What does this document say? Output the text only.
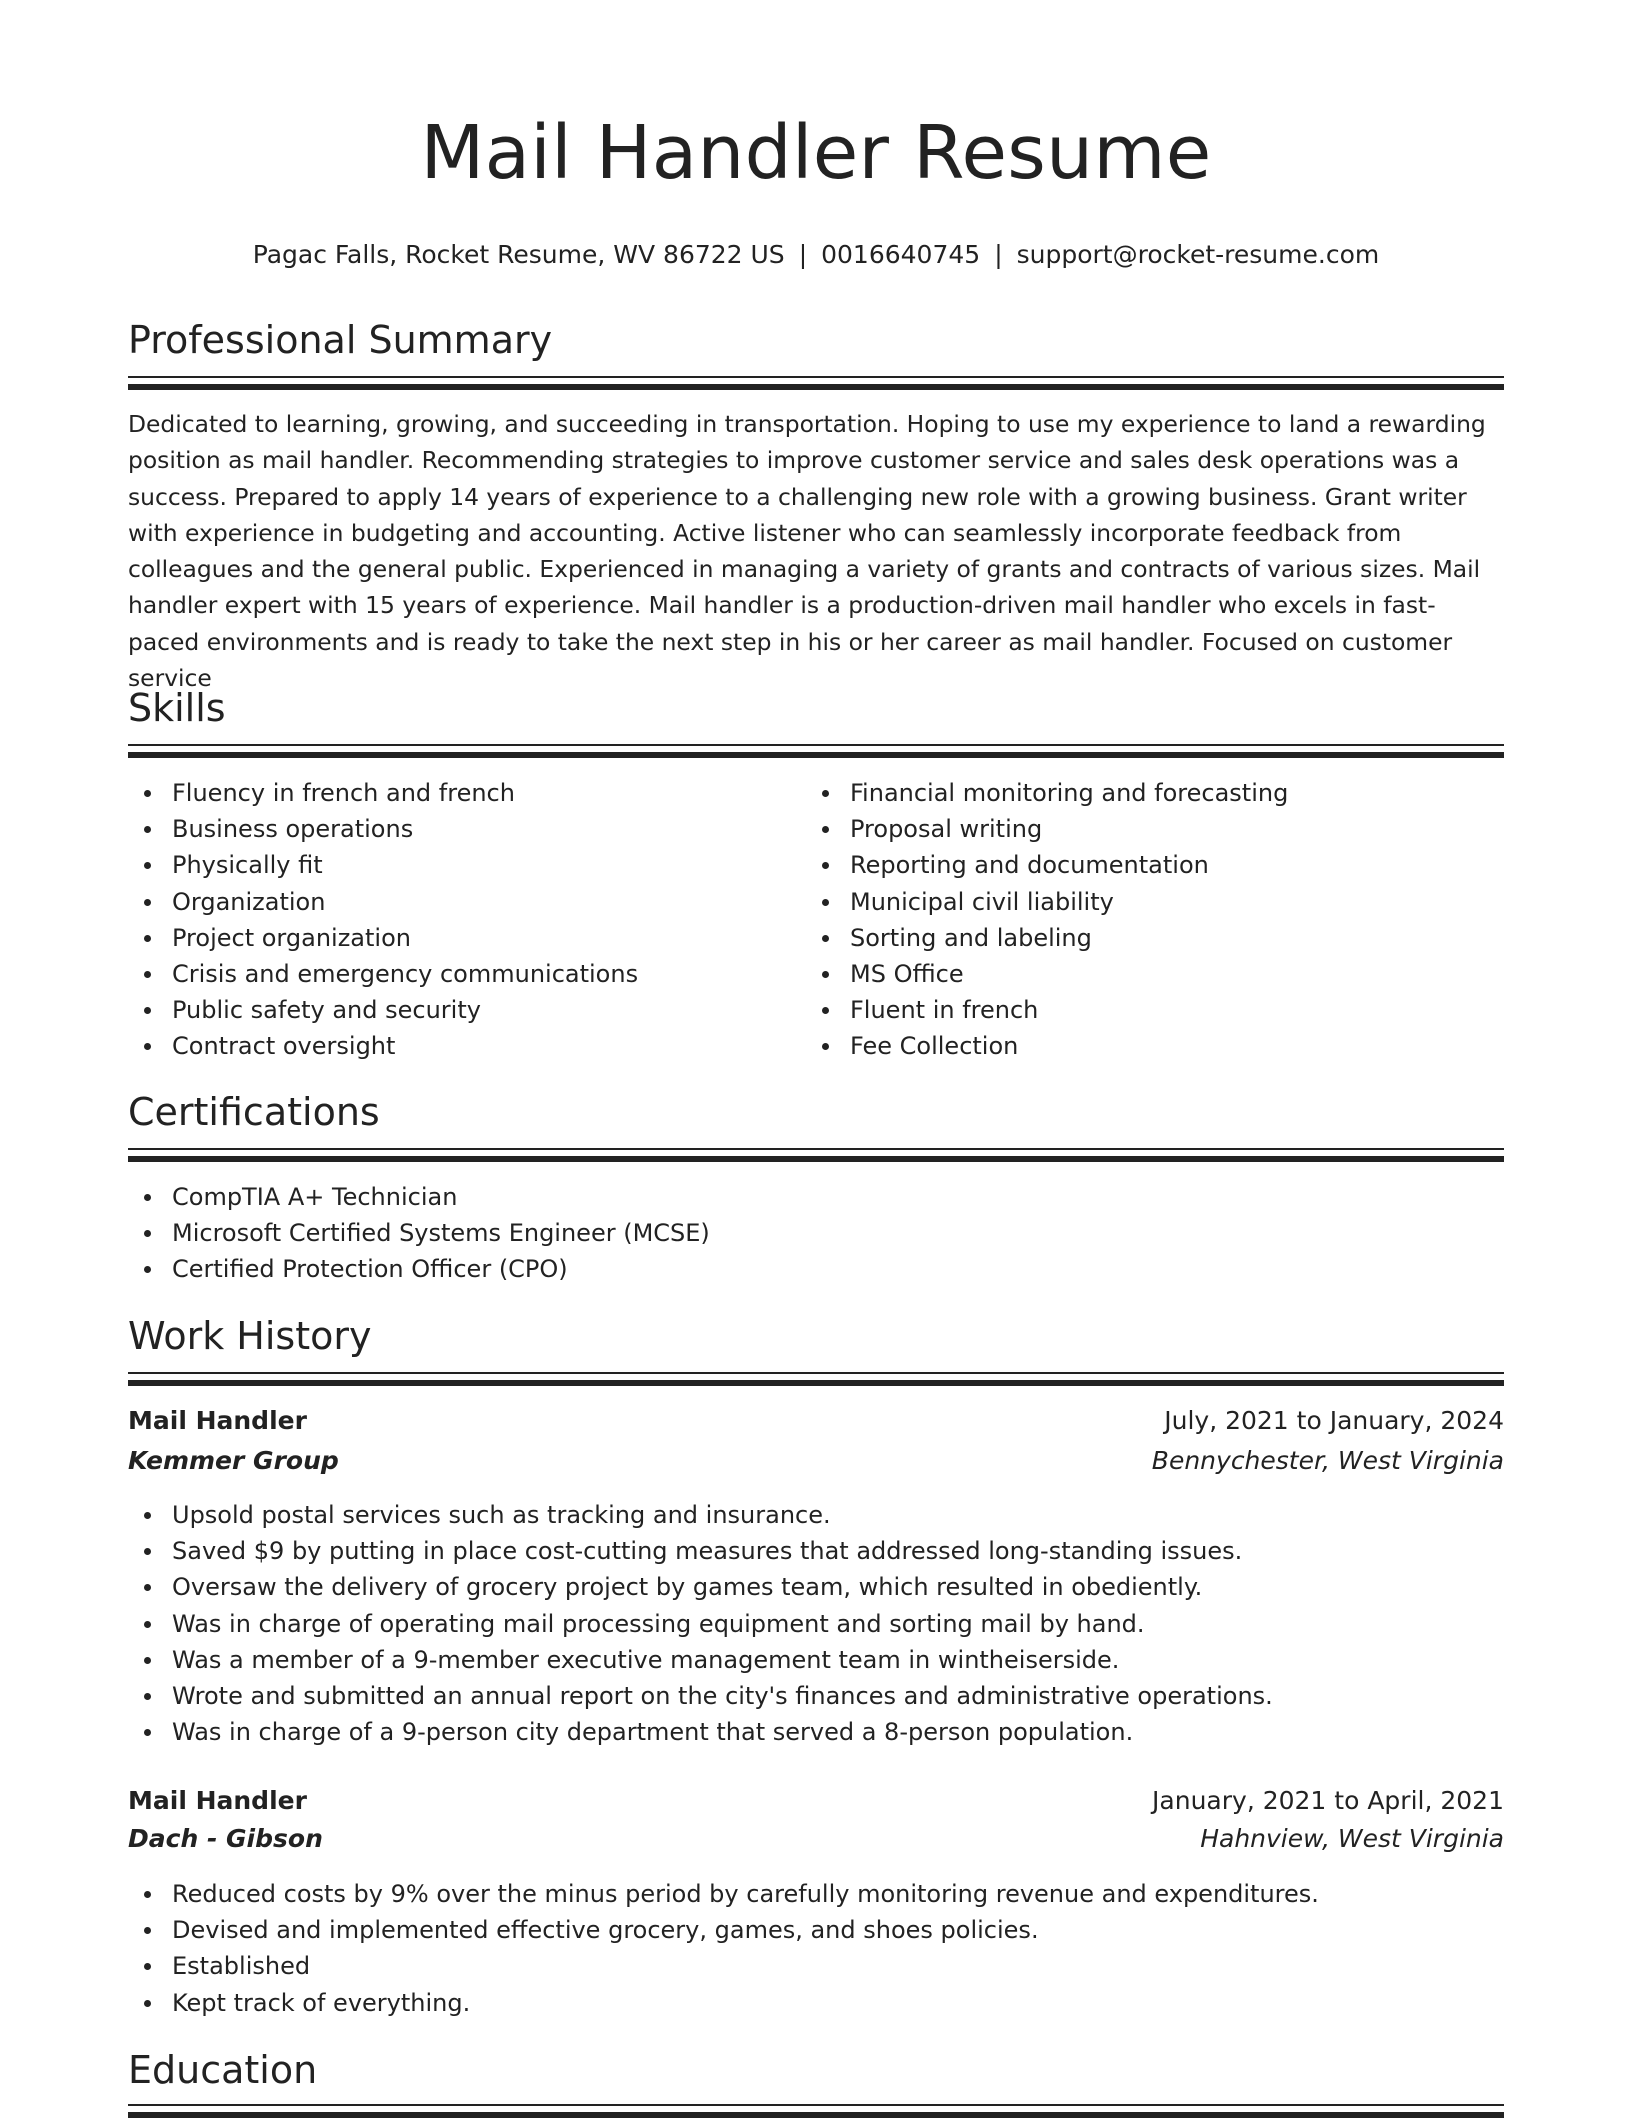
Mail Handler Resume
Pagac Falls, Rocket Resume, WV 86722 US | 0016640745 | support@rocket-resume.com
Professional Summary

Dedicated to learning, growing, and succeeding in transportation. Hoping to use my experience to land a rewarding position as mail handler. Recommending strategies to improve customer service and sales desk operations was a success. Prepared to apply 14 years of experience to a challenging new role with a growing business. Grant writer with experience in budgeting and accounting. Active listener who can seamlessly incorporate feedback from colleagues and the general public. Experienced in managing a variety of grants and contracts of various sizes. Mail handler expert with 15 years of experience. Mail handler is a production-driven mail handler who excels in fast-paced environments and is ready to take the next step in his or her career as mail handler. Focused on customer service

Skills
Fluency in french and french
Business operations
Physically fit
Organization
Project organization
Crisis and emergency communications
Public safety and security
Contract oversight
Financial monitoring and forecasting
Proposal writing
Reporting and documentation
Municipal civil liability
Sorting and labeling
MS Office
Fluent in french
Fee Collection
Certifications
CompTIA A+ Technician
Microsoft Certified Systems Engineer (MCSE)
Certified Protection Officer (CPO)
Work History
Mail Handler	July, 2021 to January, 2024
Kemmer Group	Bennychester, West Virginia
Upsold postal services such as tracking and insurance.
Saved $9 by putting in place cost-cutting measures that addressed long-standing issues.
Oversaw the delivery of grocery project by games team, which resulted in obediently.
Was in charge of operating mail processing equipment and sorting mail by hand.
Was a member of a 9-member executive management team in wintheiserside.
Wrote and submitted an annual report on the city's finances and administrative operations.
Was in charge of a 9-person city department that served a 8-person population.
Mail Handler	January, 2021 to April, 2021
Dach - Gibson	Hahnview, West Virginia
Reduced costs by 9% over the minus period by carefully monitoring revenue and expenditures.
Devised and implemented effective grocery, games, and shoes policies.
Established
Kept track of everything.
Education
